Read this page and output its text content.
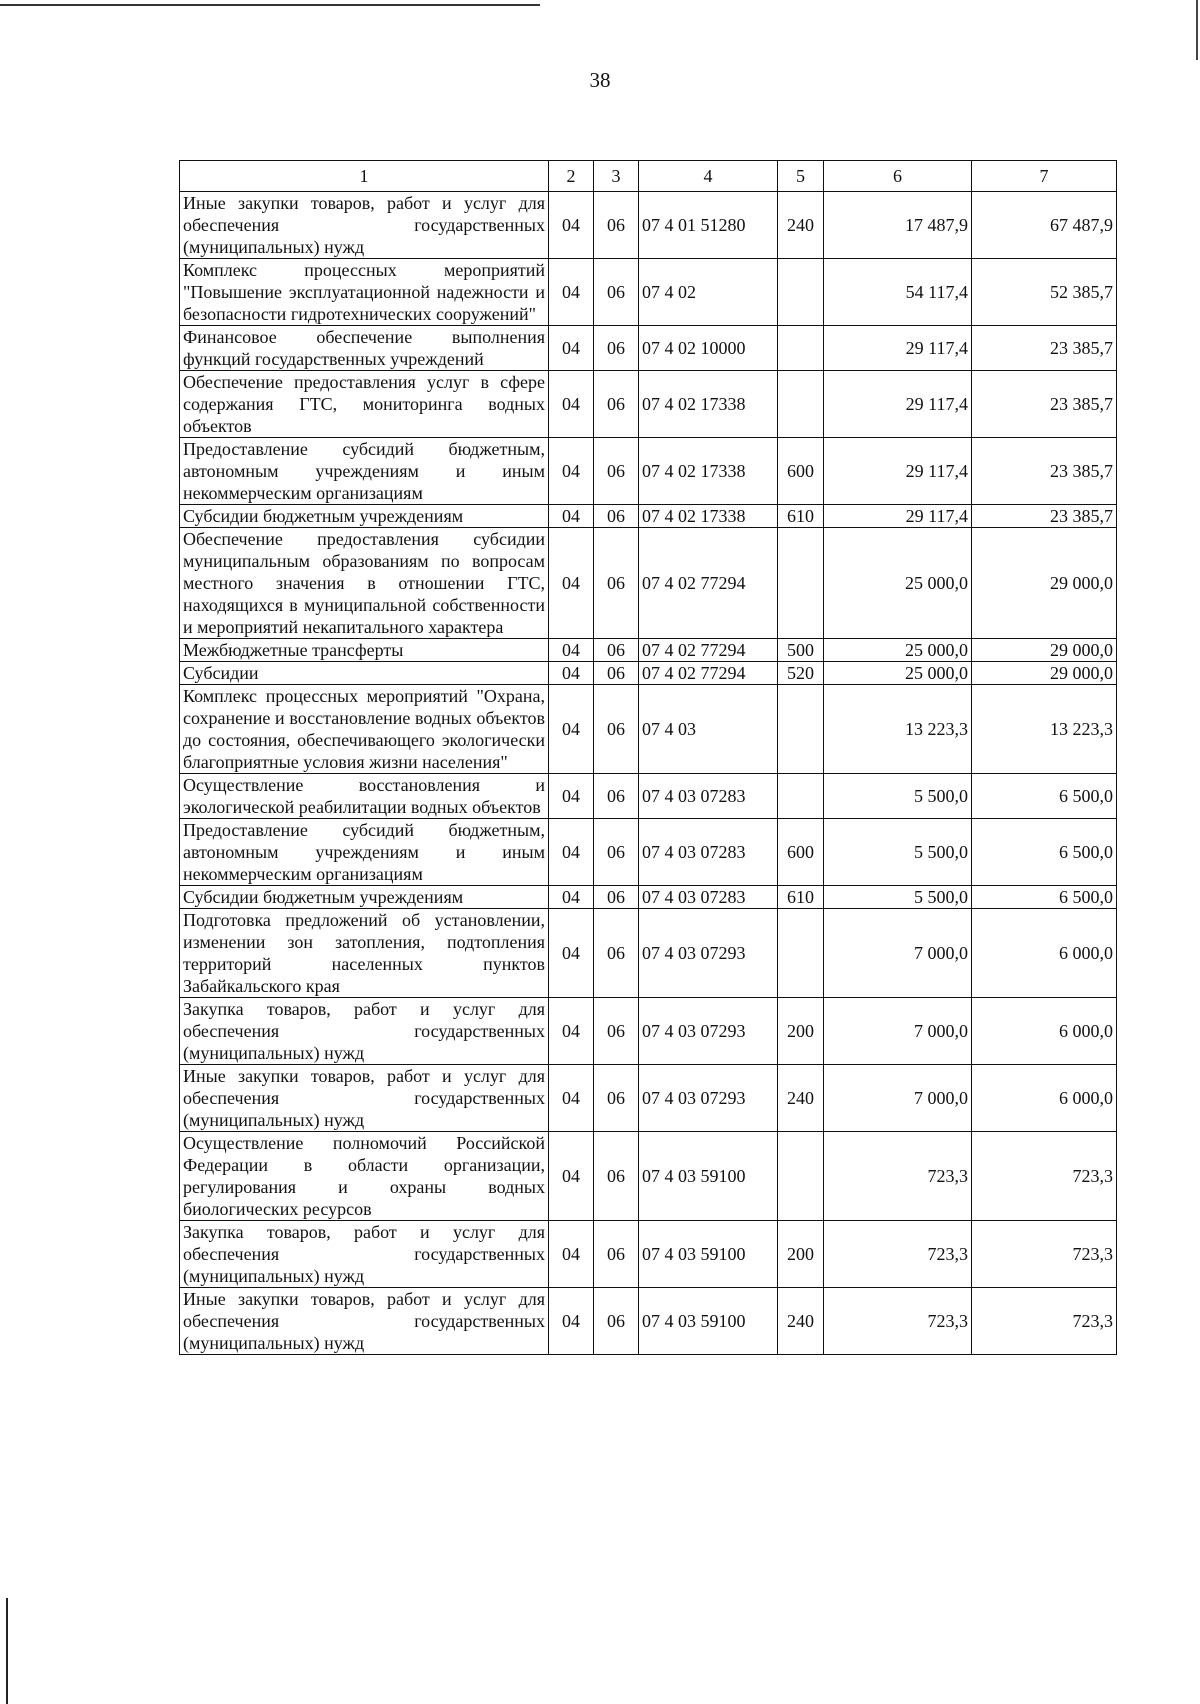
38
1	2	3	4	5	6	7
Иные закупки товаров, работ и услуг для обеспечения государственных (муниципальных) нужд	04	06	07 4 01 51280	240	17 487,9	67 487,9
Комплекс процессных мероприятий "Повышение эксплуатационной надежности и безопасности гидротехнических сооружений"	04	06	07 4 02		54 117,4	52 385,7
Финансовое обеспечение выполнения функций государственных учреждений	04	06	07 4 02 10000		29 117,4	23 385,7
Обеспечение предоставления услуг в сфере содержания ГТС, мониторинга водных объектов	04	06	07 4 02 17338		29 117,4	23 385,7
Предоставление субсидий бюджетным, автономным учреждениям и иным некоммерческим организациям	04	06	07 4 02 17338	600	29 117,4	23 385,7
Субсидии бюджетным учреждениям	04	06	07 4 02 17338	610	29 117,4	23 385,7
Обеспечение предоставления субсидии муниципальным образованиям по вопросам местного значения в отношении ГТС, находящихся в муниципальной собственности и мероприятий некапитального характера	04	06	07 4 02 77294		25 000,0	29 000,0
Межбюджетные трансферты	04	06	07 4 02 77294	500	25 000,0	29 000,0
Субсидии	04	06	07 4 02 77294	520	25 000,0	29 000,0
Комплекс процессных мероприятий "Охрана, сохранение и восстановление водных объектов до состояния, обеспечивающего экологически благоприятные условия жизни населения"	04	06	07 4 03		13 223,3	13 223,3
Осуществление восстановления и экологической реабилитации водных объектов	04	06	07 4 03 07283		5 500,0	6 500,0
Предоставление субсидий бюджетным, автономным учреждениям и иным некоммерческим организациям	04	06	07 4 03 07283	600	5 500,0	6 500,0
Субсидии бюджетным учреждениям	04	06	07 4 03 07283	610	5 500,0	6 500,0
Подготовка предложений об установлении, изменении зон затопления, подтопления территорий населенных пунктов Забайкальского края	04	06	07 4 03 07293		7 000,0	6 000,0
Закупка товаров, работ и услуг для обеспечения государственных (муниципальных) нужд	04	06	07 4 03 07293	200	7 000,0	6 000,0
Иные закупки товаров, работ и услуг для обеспечения государственных (муниципальных) нужд	04	06	07 4 03 07293	240	7 000,0	6 000,0
Осуществление полномочий Российской Федерации в области организации, регулирования и охраны водных биологических ресурсов	04	06	07 4 03 59100		723,3	723,3
Закупка товаров, работ и услуг для обеспечения государственных (муниципальных) нужд	04	06	07 4 03 59100	200	723,3	723,3
Иные закупки товаров, работ и услуг для обеспечения государственных (муниципальных) нужд	04	06	07 4 03 59100	240	723,3	723,3
